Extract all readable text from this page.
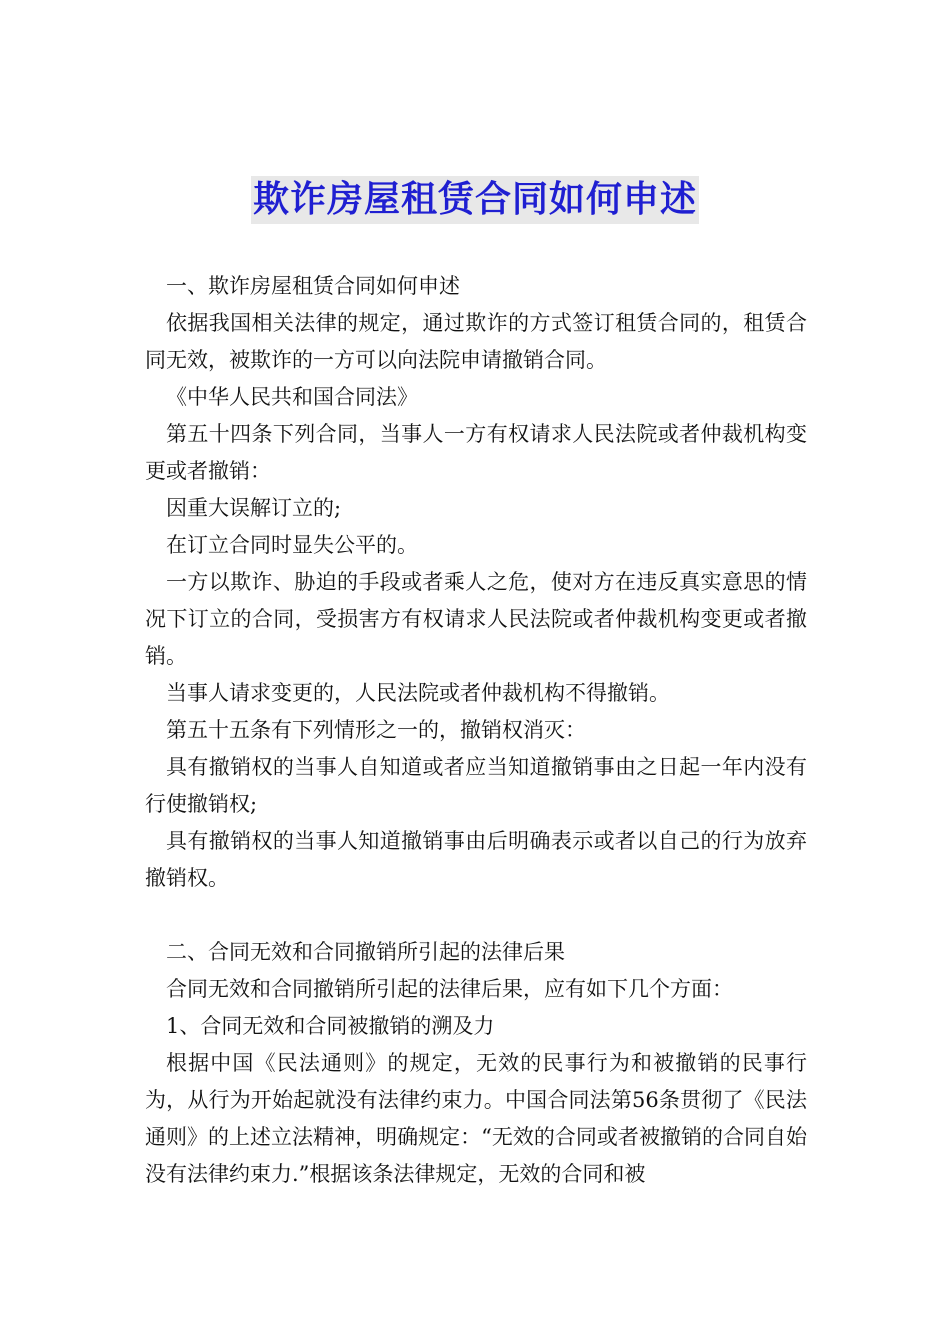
欺诈房屋租赁合同如何申述

一、欺诈房屋租赁合同如何申述

依据我国相关法律的规定，通过欺诈的方式签订租赁合同的，租赁合同无效，被欺诈的一方可以向法院申请撤销合同。

《中华人民共和国合同法》

第五十四条下列合同，当事人一方有权请求人民法院或者仲裁机构变更或者撤销：

因重大误解订立的;

在订立合同时显失公平的。

一方以欺诈、胁迫的手段或者乘人之危，使对方在违反真实意思的情况下订立的合同，受损害方有权请求人民法院或者仲裁机构变更或者撤销。

当事人请求变更的，人民法院或者仲裁机构不得撤销。

第五十五条有下列情形之一的，撤销权消灭：

具有撤销权的当事人自知道或者应当知道撤销事由之日起一年内没有行使撤销权;

具有撤销权的当事人知道撤销事由后明确表示或者以自己的行为放弃撤销权。

二、合同无效和合同撤销所引起的法律后果

合同无效和合同撤销所引起的法律后果，应有如下几个方面：

1、合同无效和合同被撤销的溯及力

根据中国《民法通则》的规定，无效的民事行为和被撤销的民事行为，从行为开始起就没有法律约束力。中国合同法第56条贯彻了《民法通则》的上述立法精神，明确规定：“无效的合同或者被撤销的合同自始没有法律约束力.”根据该条法律规定，无效的合同和被
